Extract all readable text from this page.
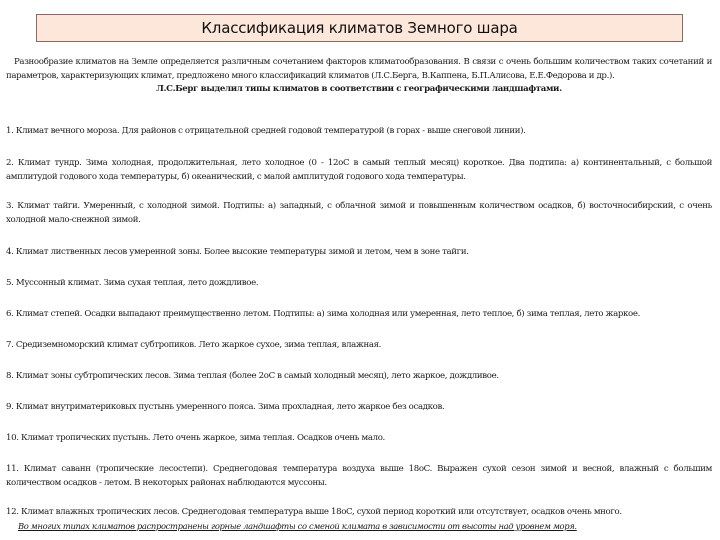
Классификация климатов Земного шара

Разнообразие климатов на Земле определяется различным сочетанием факторов климатообразования. В связи с очень большим количеством таких сочетаний и параметров, характеризующих климат, предложено много классификаций климатов (Л.С.Берга, В.Каппена, Б.П.Алисова, Е.Е.Федорова и др.).

Л.С.Берг выделил типы климатов в соответствии с географическими ландшафтами.

1. Климат вечного мороза. Для районов с отрицательной средней годовой температурой (в горах - выше снеговой линии).

2. Климат тундр. Зима холодная, продолжительная, лето холодное (0 - 12oC в самый теплый месяц) короткое. Два подтипа: а) континентальный, с большой амплитудой годового хода температуры, б) океанический, с малой амплитудой годового хода температуры.

3. Климат тайги. Умеренный, с холодной зимой. Подтипы: а) западный, с облачной зимой и повышенным количеством осадков, б) восточносибирский, с очень холодной мало-снежной зимой.

4. Климат лиственных лесов умеренной зоны. Более высокие температуры зимой и летом, чем в зоне тайги.

5. Муссонный климат. Зима сухая теплая, лето дождливое.

6. Климат степей. Осадки выпадают преимущественно летом. Подтипы: а) зима холодная или умеренная, лето теплое, б) зима теплая, лето жаркое.

7. Средиземноморский климат субтропиков. Лето жаркое сухое, зима теплая, влажная.

8. Климат зоны субтропических лесов. Зима теплая (более 2oC в самый холодный месяц), лето жаркое, дождливое.

9. Климат внутриматериковых пустынь умеренного пояса. Зима прохладная, лето жаркое без осадков.

10. Климат тропических пустынь. Лето очень жаркое, зима теплая. Осадков очень мало.

11. Климат саванн (тропические лесостепи). Среднегодовая температура воздуха выше 18oC. Выражен сухой сезон зимой и весной, влажный с большим количеством осадков - летом. В некоторых районах наблюдаются муссоны.

12. Климат влажных тропических лесов. Среднегодовая температура выше 18oC, сухой период короткий или отсутствует, осадков очень много.

Во многих типах климатов распространены горные ландшафты со сменой климата в зависимости от высоты над уровнем моря.
